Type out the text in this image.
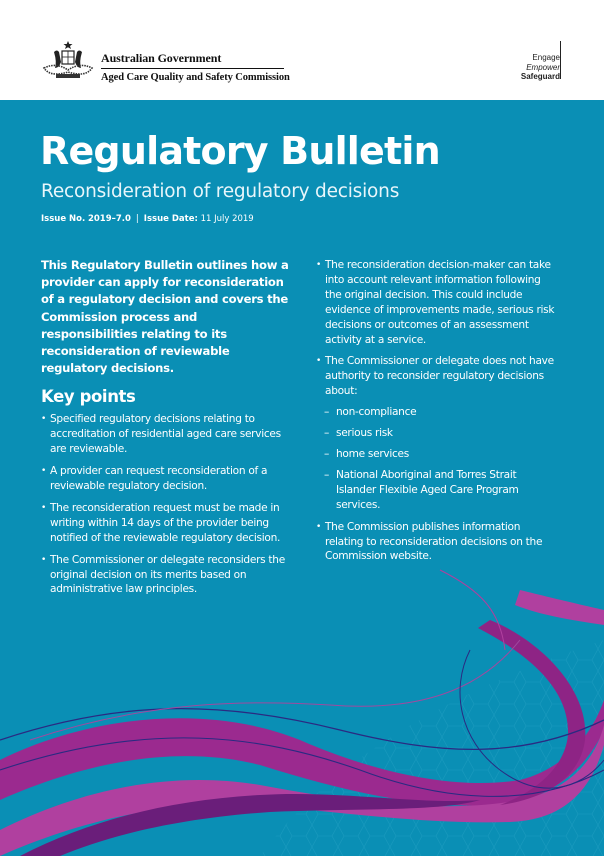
Australian Government
Aged Care Quality and Safety Commission
Engage
Empower
Safeguard
Regulatory Bulletin
Reconsideration of regulatory decisions
Issue No. 2019–7.0 | Issue Date: 11 July 2019

This Regulatory Bulletin outlines how a provider can apply for reconsideration of a regulatory decision and covers the Commission process and responsibilities relating to its reconsideration of reviewable regulatory decisions.

Key points
• Specified regulatory decisions relating to accreditation of residential aged care services are reviewable.
• A provider can request reconsideration of a reviewable regulatory decision.
• The reconsideration request must be made in writing within 14 days of the provider being notified of the reviewable regulatory decision.
• The Commissioner or delegate reconsiders the original decision on its merits based on administrative law principles.
• The reconsideration decision-maker can take into account relevant information following the original decision. This could include evidence of improvements made, serious risk decisions or outcomes of an assessment activity at a service.
• The Commissioner or delegate does not have authority to reconsider regulatory decisions about:
– non-compliance
– serious risk
– home services
– National Aboriginal and Torres Strait Islander Flexible Aged Care Program services.
• The Commission publishes information relating to reconsideration decisions on the Commission website.
